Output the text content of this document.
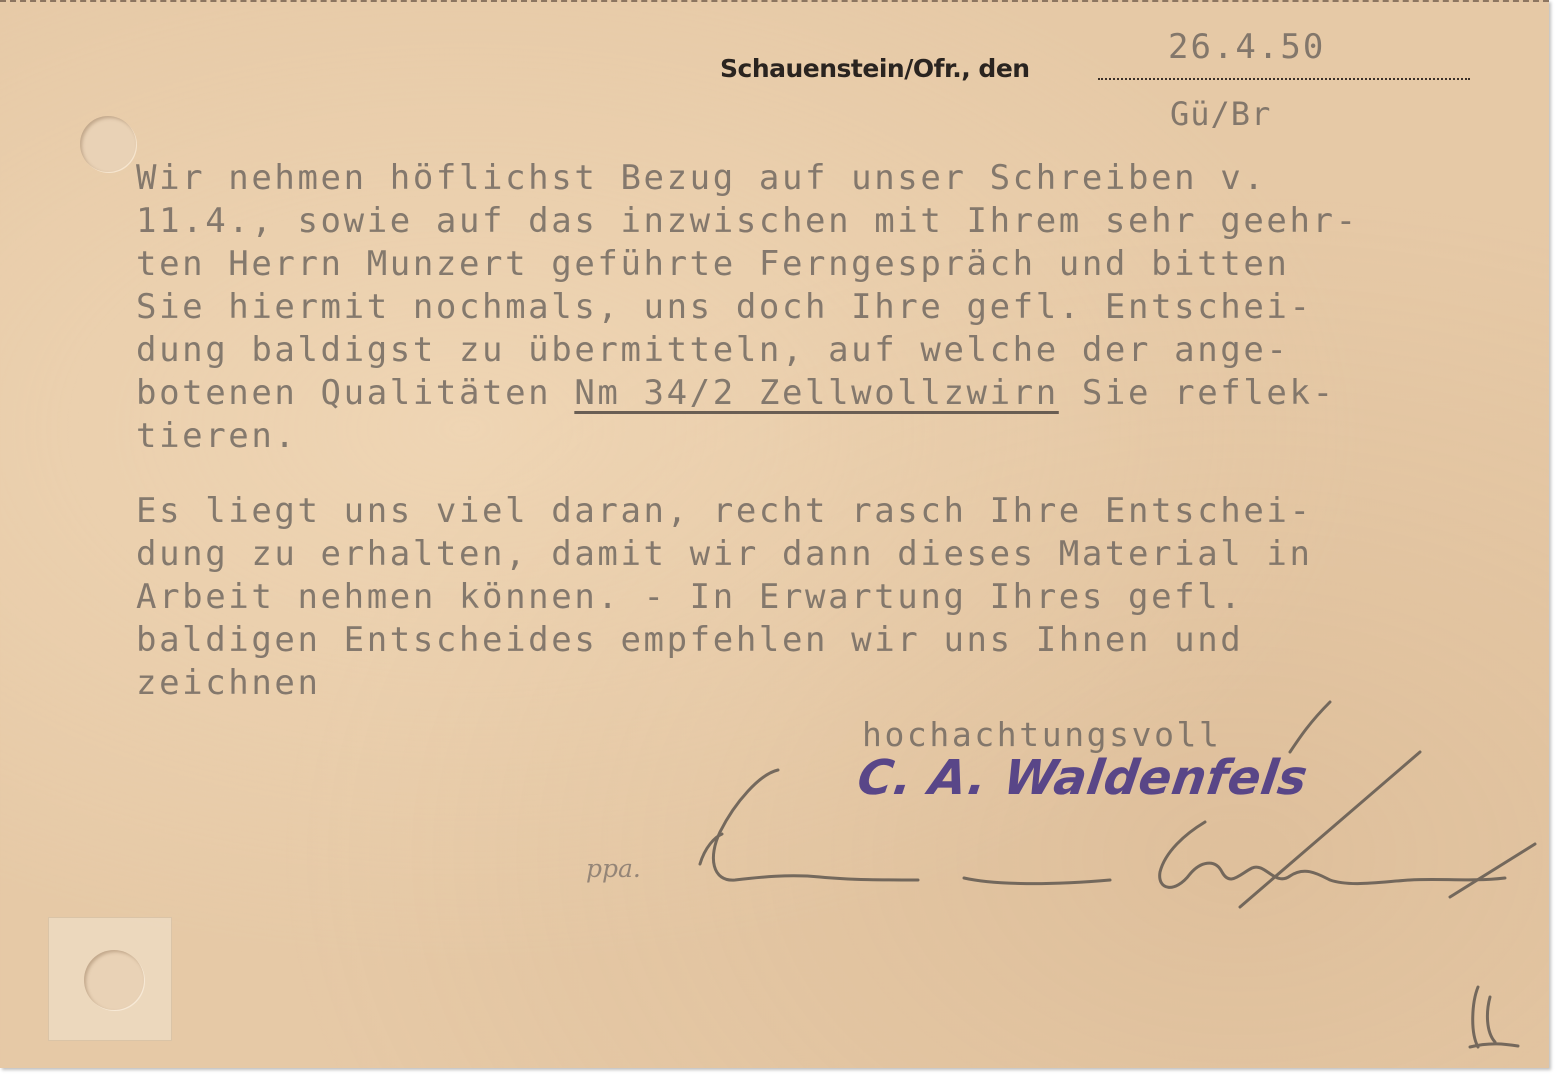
Schauenstein/Ofr., den
26.4.50
Gü/Br

Wir nehmen höflichst Bezug auf unser Schreiben v.
11.4., sowie auf das inzwischen mit Ihrem sehr geehr-
ten Herrn Munzert geführte Ferngespräch und bitten
Sie hiermit nochmals, uns doch Ihre gefl. Entschei-
dung baldigst zu übermitteln, auf welche der ange-
botenen Qualitäten Nm 34/2 Zellwollzwirn Sie reflek-
tieren.

Es liegt uns viel daran, recht rasch Ihre Entschei-
dung zu erhalten, damit wir dann dieses Material in
Arbeit nehmen können. - In Erwartung Ihres gefl.
baldigen Entscheides empfehlen wir uns Ihnen und
zeichnen

hochachtungsvoll
C. A. Waldenfels
ppa.
